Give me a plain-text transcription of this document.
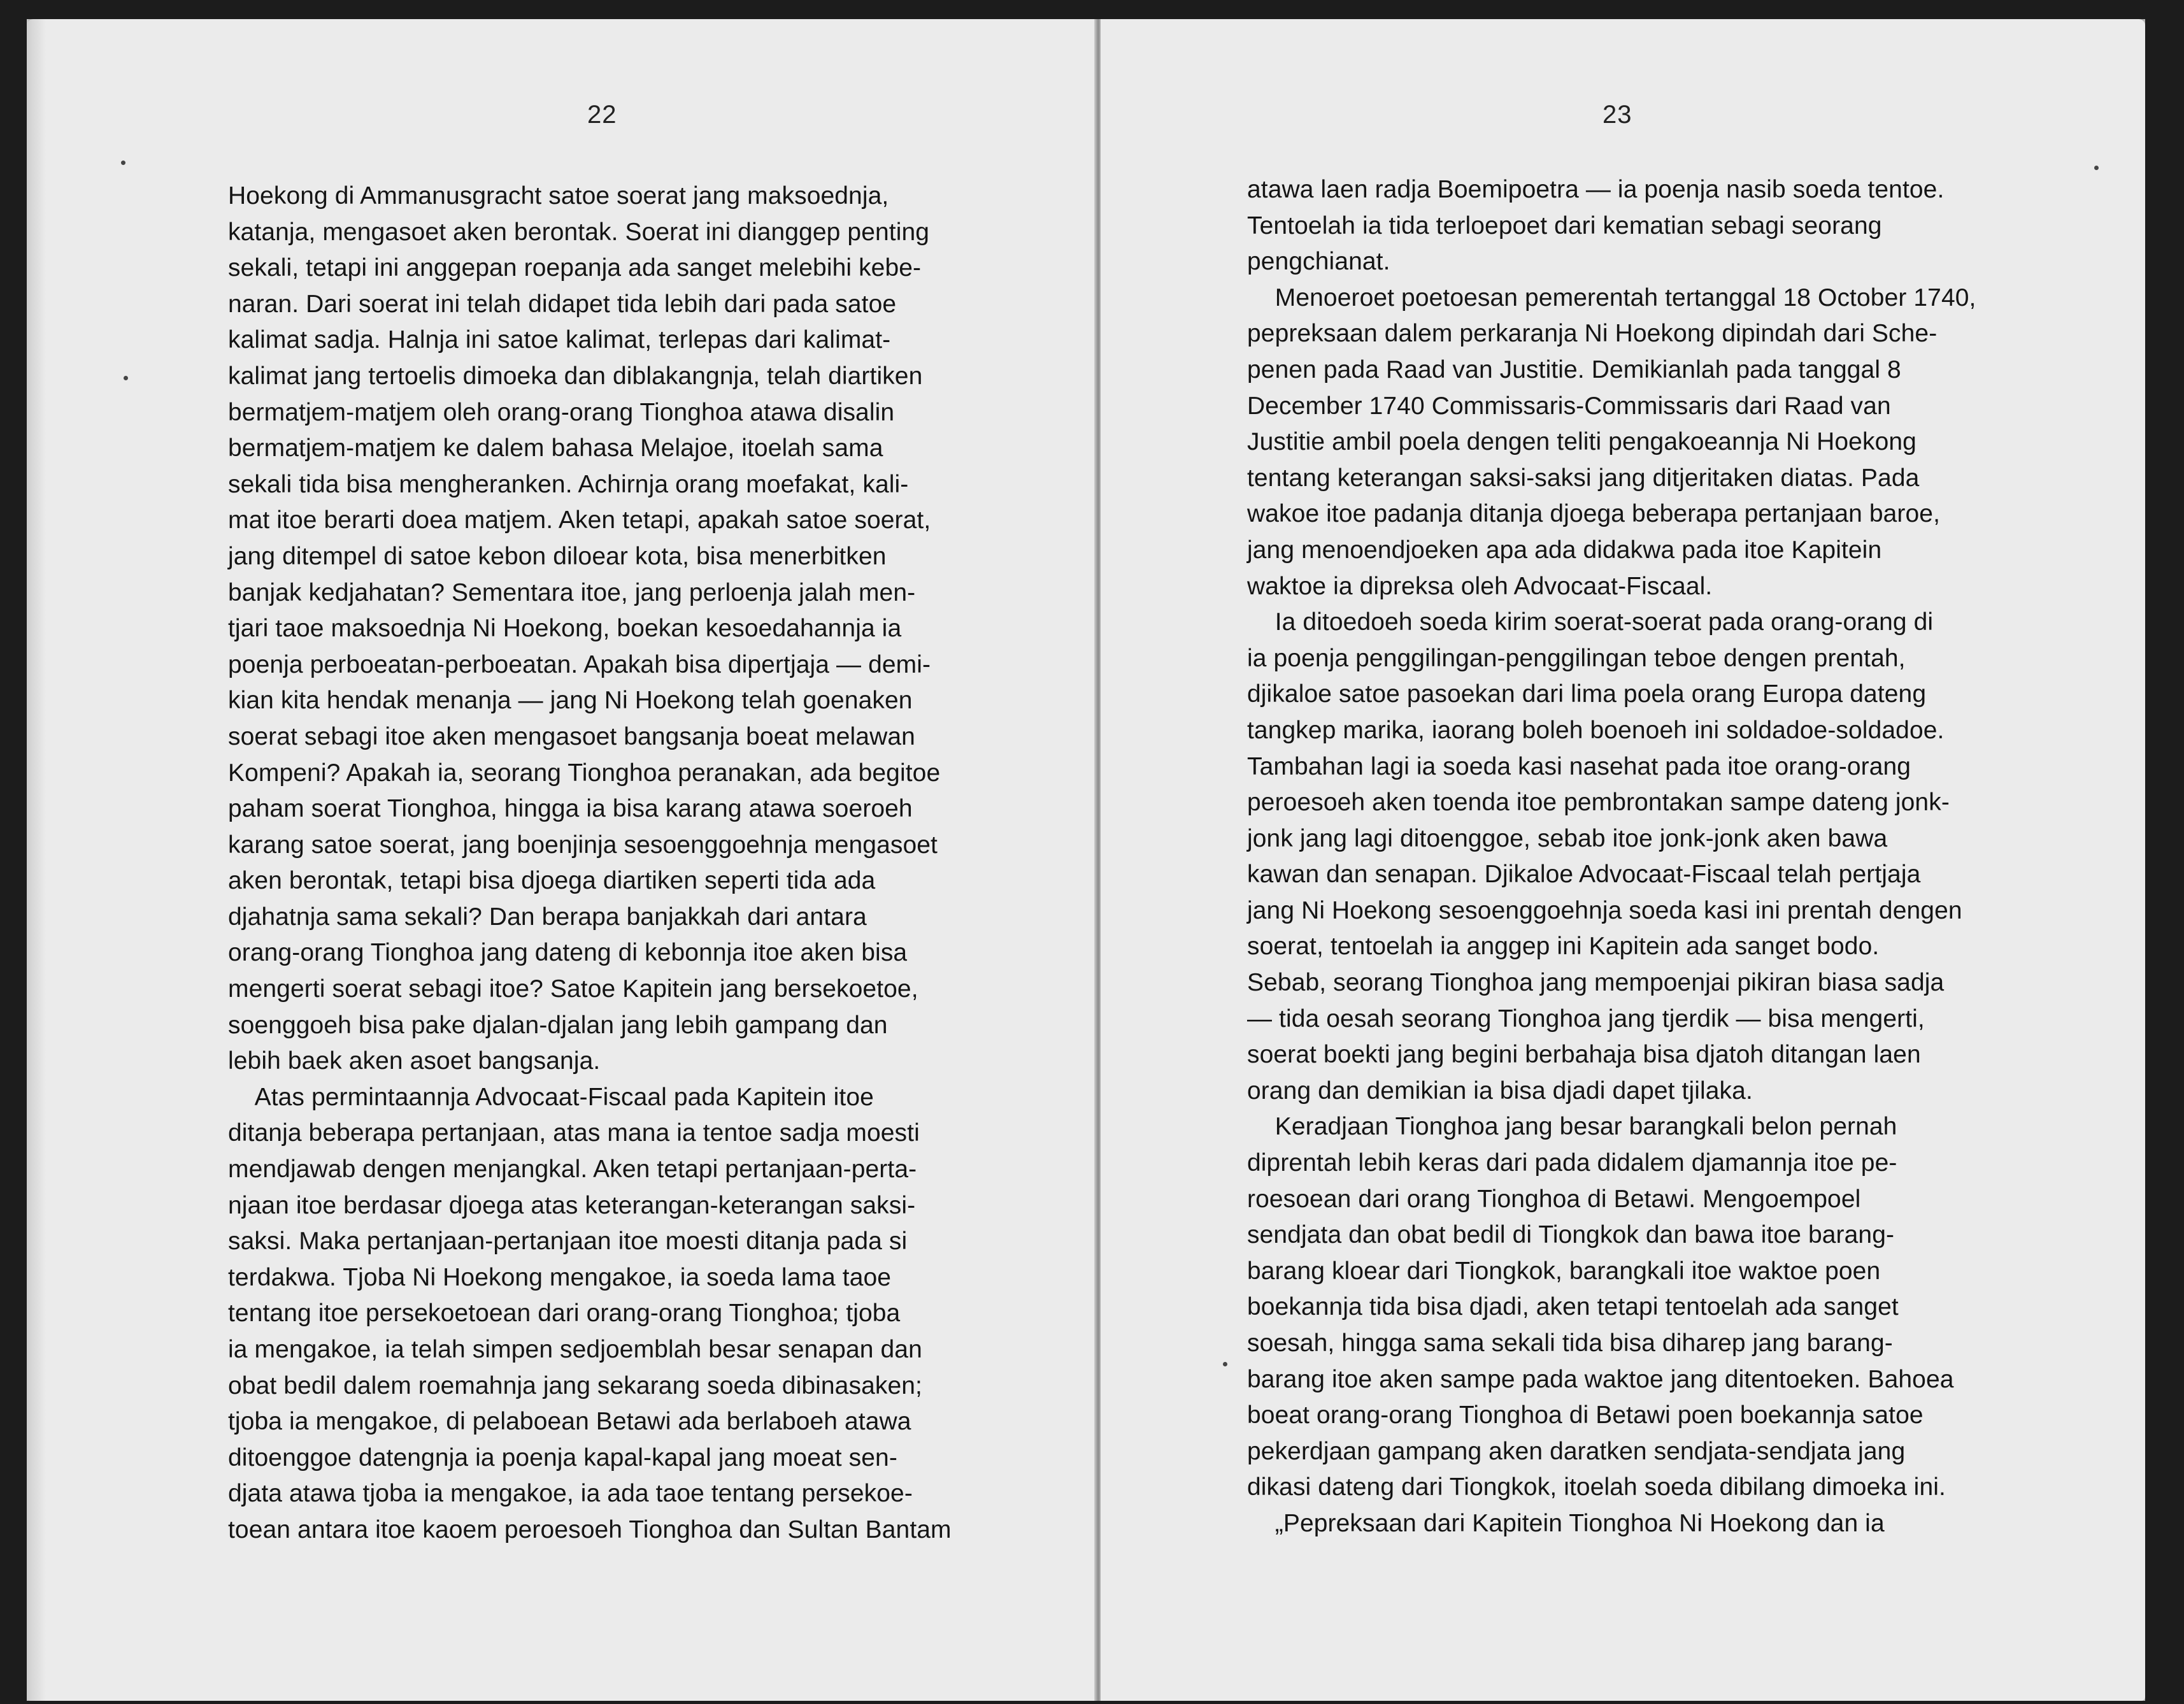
22
Hoekong di Ammanusgracht satoe soerat jang maksoednja,
katanja, mengasoet aken berontak. Soerat ini dianggep penting
sekali, tetapi ini anggepan roepanja ada sanget melebihi kebe-
naran. Dari soerat ini telah didapet tida lebih dari pada satoe
kalimat sadja. Halnja ini satoe kalimat, terlepas dari kalimat-
kalimat jang tertoelis dimoeka dan diblakangnja, telah diartiken
bermatjem-matjem oleh orang-orang Tionghoa atawa disalin
bermatjem-matjem ke dalem bahasa Melajoe, itoelah sama
sekali tida bisa mengheranken. Achirnja orang moefakat, kali-
mat itoe berarti doea matjem. Aken tetapi, apakah satoe soerat,
jang ditempel di satoe kebon diloear kota, bisa menerbitken
banjak kedjahatan? Sementara itoe, jang perloenja jalah men-
tjari taoe maksoednja Ni Hoekong, boekan kesoedahannja ia
poenja perboeatan-perboeatan. Apakah bisa dipertjaja — demi-
kian kita hendak menanja — jang Ni Hoekong telah goenaken
soerat sebagi itoe aken mengasoet bangsanja boeat melawan
Kompeni? Apakah ia, seorang Tionghoa peranakan, ada begitoe
paham soerat Tionghoa, hingga ia bisa karang atawa soeroeh
karang satoe soerat, jang boenjinja sesoenggoehnja mengasoet
aken berontak, tetapi bisa djoega diartiken seperti tida ada
djahatnja sama sekali? Dan berapa banjakkah dari antara
orang-orang Tionghoa jang dateng di kebonnja itoe aken bisa
mengerti soerat sebagi itoe? Satoe Kapitein jang bersekoetoe,
soenggoeh bisa pake djalan-djalan jang lebih gampang dan
lebih baek aken asoet bangsanja.
Atas permintaannja Advocaat-Fiscaal pada Kapitein itoe
ditanja beberapa pertanjaan, atas mana ia tentoe sadja moesti
mendjawab dengen menjangkal. Aken tetapi pertanjaan-perta-
njaan itoe berdasar djoega atas keterangan-keterangan saksi-
saksi. Maka pertanjaan-pertanjaan itoe moesti ditanja pada si
terdakwa. Tjoba Ni Hoekong mengakoe, ia soeda lama taoe
tentang itoe persekoetoean dari orang-orang Tionghoa; tjoba
ia mengakoe, ia telah simpen sedjoemblah besar senapan dan
obat bedil dalem roemahnja jang sekarang soeda dibinasaken;
tjoba ia mengakoe, di pelaboean Betawi ada berlaboeh atawa
ditoenggoe datengnja ia poenja kapal-kapal jang moeat sen-
djata atawa tjoba ia mengakoe, ia ada taoe tentang persekoe-
toean antara itoe kaoem peroesoeh Tionghoa dan Sultan Bantam
23
atawa laen radja Boemipoetra — ia poenja nasib soeda tentoe.
Tentoelah ia tida terloepoet dari kematian sebagi seorang
pengchianat.
Menoeroet poetoesan pemerentah tertanggal 18 October 1740,
pepreksaan dalem perkaranja Ni Hoekong dipindah dari Sche-
penen pada Raad van Justitie. Demikianlah pada tanggal 8
December 1740 Commissaris-Commissaris dari Raad van
Justitie ambil poela dengen teliti pengakoeannja Ni Hoekong
tentang keterangan saksi-saksi jang ditjeritaken diatas. Pada
wakoe itoe padanja ditanja djoega beberapa pertanjaan baroe,
jang menoendjoeken apa ada didakwa pada itoe Kapitein
waktoe ia dipreksa oleh Advocaat-Fiscaal.
Ia ditoedoeh soeda kirim soerat-soerat pada orang-orang di
ia poenja penggilingan-penggilingan teboe dengen prentah,
djikaloe satoe pasoekan dari lima poela orang Europa dateng
tangkep marika, iaorang boleh boenoeh ini soldadoe-soldadoe.
Tambahan lagi ia soeda kasi nasehat pada itoe orang-orang
peroesoeh aken toenda itoe pembrontakan sampe dateng jonk-
jonk jang lagi ditoenggoe, sebab itoe jonk-jonk aken bawa
kawan dan senapan. Djikaloe Advocaat-Fiscaal telah pertjaja
jang Ni Hoekong sesoenggoehnja soeda kasi ini prentah dengen
soerat, tentoelah ia anggep ini Kapitein ada sanget bodo.
Sebab, seorang Tionghoa jang mempoenjai pikiran biasa sadja
— tida oesah seorang Tionghoa jang tjerdik — bisa mengerti,
soerat boekti jang begini berbahaja bisa djatoh ditangan laen
orang dan demikian ia bisa djadi dapet tjilaka.
Keradjaan Tionghoa jang besar barangkali belon pernah
diprentah lebih keras dari pada didalem djamannja itoe pe-
roesoean dari orang Tionghoa di Betawi. Mengoempoel
sendjata dan obat bedil di Tiongkok dan bawa itoe barang-
barang kloear dari Tiongkok, barangkali itoe waktoe poen
boekannja tida bisa djadi, aken tetapi tentoelah ada sanget
soesah, hingga sama sekali tida bisa diharep jang barang-
barang itoe aken sampe pada waktoe jang ditentoeken. Bahoea
boeat orang-orang Tionghoa di Betawi poen boekannja satoe
pekerdjaan gampang aken daratken sendjata-sendjata jang
dikasi dateng dari Tiongkok, itoelah soeda dibilang dimoeka ini.
„Pepreksaan dari Kapitein Tionghoa Ni Hoekong dan ia
